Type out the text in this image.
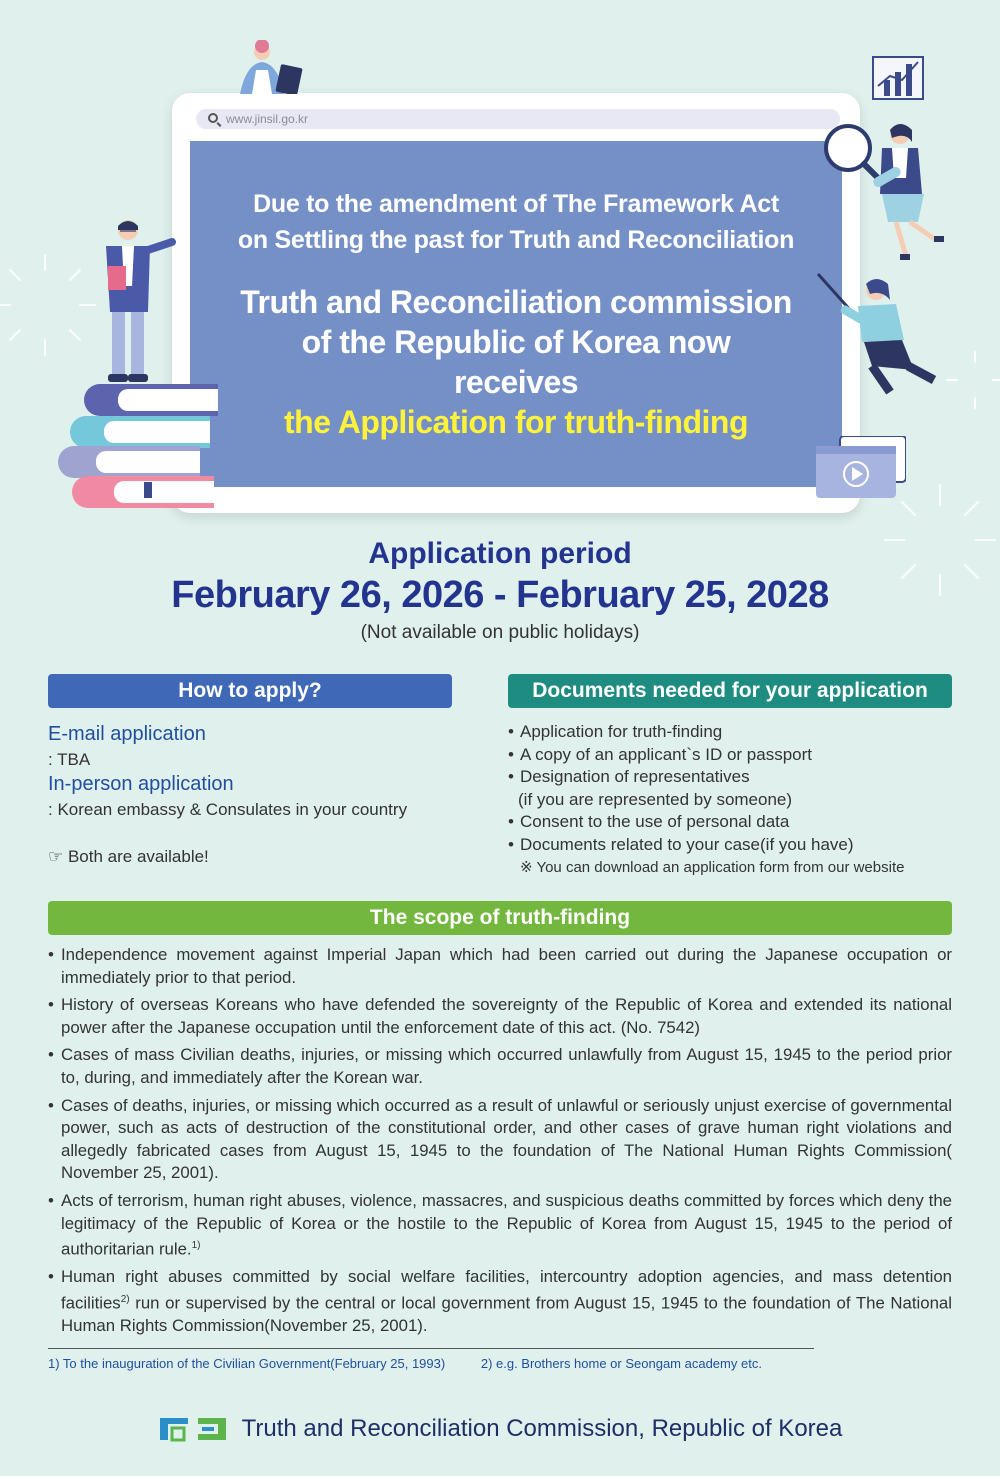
www.jinsil.go.kr
Due to the amendment of The Framework Act
on Settling the past for Truth and Reconciliation
Truth and Reconciliation commission
of the Republic of Korea now
receives
the Application for truth-finding
Application period
February 26, 2026 - February 25, 2028
(Not available on public holidays)
How to apply?
E-mail application
: TBA
In-person application
: Korean embassy & Consulates in your country
☞ Both are available!
Documents needed for your application
• Application for truth-finding
• A copy of an applicant`s ID or passport
• Designation of representatives
(if you are represented by someone)
• Consent to the use of personal data
• Documents related to your case(if you have)
※ You can download an application form from our website
The scope of truth-finding
• Independence movement against Imperial Japan which had been carried out during the Japanese occupation or immediately prior to that period.
• History of overseas Koreans who have defended the sovereignty of the Republic of Korea and extended its national power after the Japanese occupation until the enforcement date of this act. (No. 7542)
• Cases of mass Civilian deaths, injuries, or missing which occurred unlawfully from August 15, 1945 to the period prior to, during, and immediately after the Korean war.
• Cases of deaths, injuries, or missing which occurred as a result of unlawful or seriously unjust exercise of governmental power, such as acts of destruction of the constitutional order, and other cases of grave human right violations and allegedly fabricated cases from August 15, 1945 to the foundation of The National Human Rights Commission( November 25, 2001).
• Acts of terrorism, human right abuses, violence, massacres, and suspicious deaths committed by forces which deny the legitimacy of the Republic of Korea or the hostile to the Republic of Korea from August 15, 1945 to the period of authoritarian rule.$^{1)}$
• Human right abuses committed by social welfare facilities, intercountry adoption agencies, and mass detention facilities$^{2)}$ run or supervised by the central or local government from August 15, 1945 to the foundation of The National Human Rights Commission(November 25, 2001).
1) To the inauguration of the Civilian Government(February 25, 1993)	2) e.g. Brothers home or Seongam academy etc.
Truth and Reconciliation Commission, Republic of Korea
